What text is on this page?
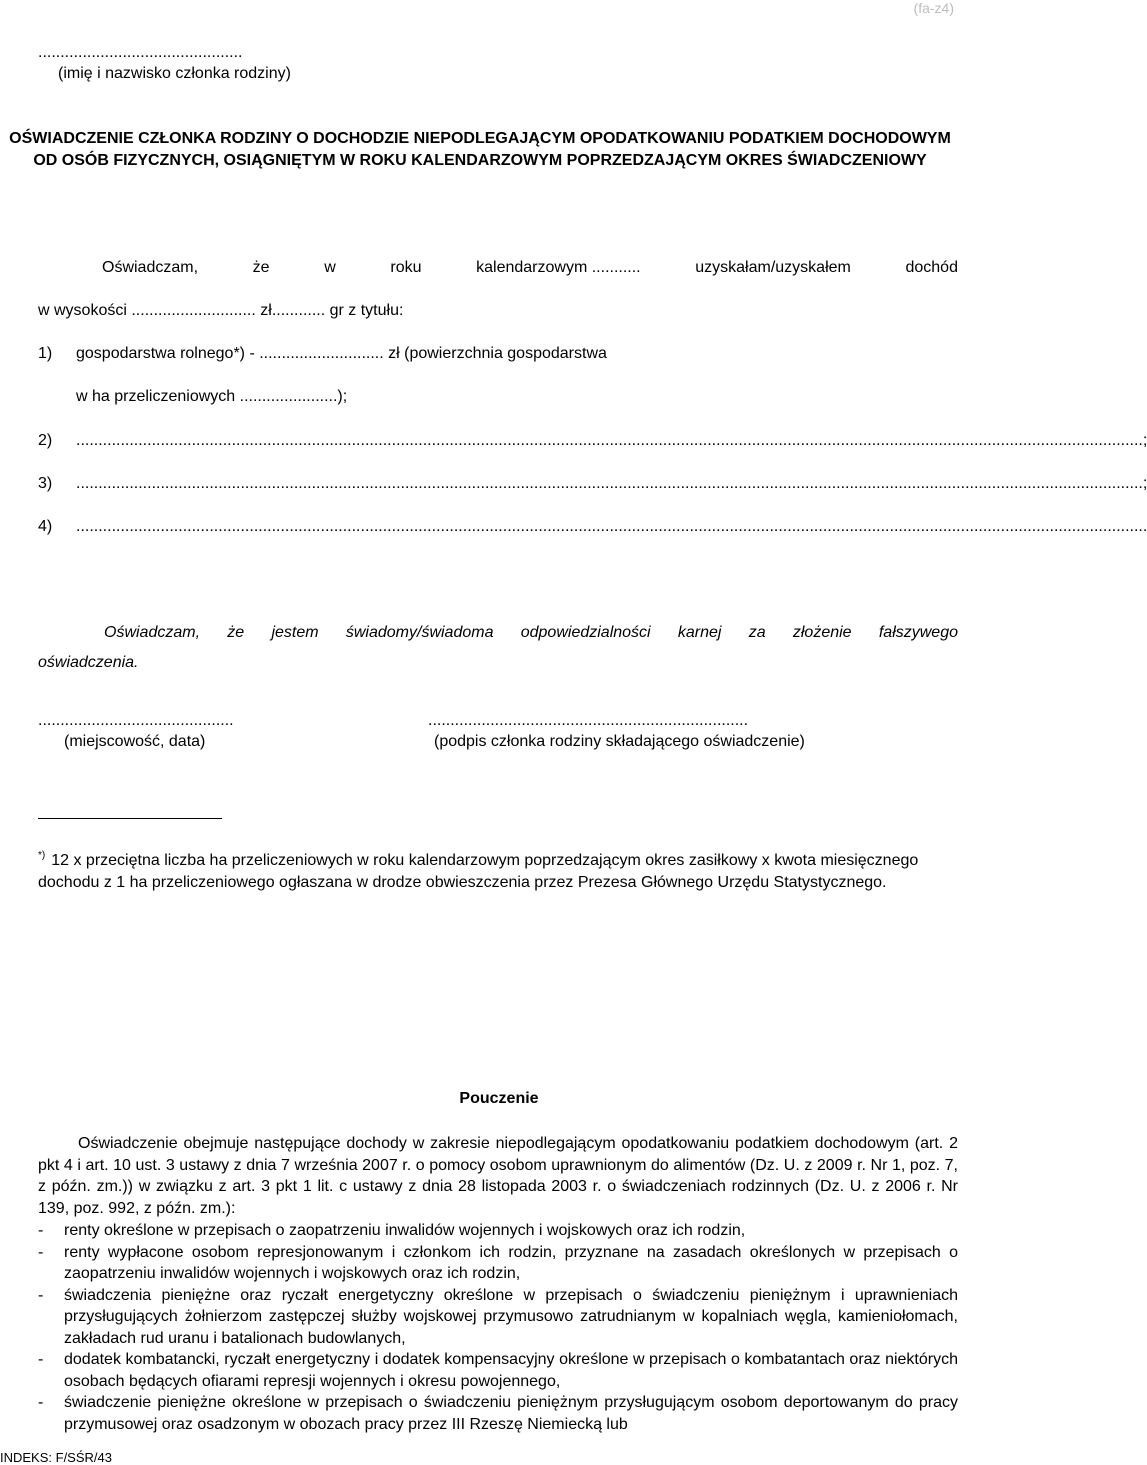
(fa-z4)
..............................................
(imię i nazwisko członka rodziny)
OŚWIADCZENIE CZŁONKA RODZINY O DOCHODZIE NIEPODLEGAJĄCYM OPODATKOWANIU PODATKIEM DOCHODOWYM OD OSÓB FIZYCZNYCH, OSIĄGNIĘTYM W ROKU KALENDARZOWYM POPRZEDZAJĄCYM OKRES ŚWIADCZENIOWY
Oświadczam,	że	w	roku	kalendarzowym ...........	uzyskałam/uzyskałem	dochód
w wysokości ............................ zł............ gr z tytułu:
1) gospodarstwa rolnego*) - ............................ zł (powierzchnia gospodarstwa
w ha przeliczeniowych ......................);
2)	................................................................................................................................................................................................................................................ ;
3)	................................................................................................................................................................................................................................................ ;
4)	................................................................................................................................................................................................................................................ .
Oświadczam, że jestem świadomy/świadoma odpowiedzialności karnej za złożenie fałszywego
oświadczenia.
............................................	........................................................................
(miejscowość, data)	(podpis członka rodziny składającego oświadczenie)
*) 12 x przeciętna liczba ha przeliczeniowych w roku kalendarzowym poprzedzającym okres zasiłkowy x kwota miesięcznego dochodu z 1 ha przeliczeniowego ogłaszana w drodze obwieszczenia przez Prezesa Głównego Urzędu Statystycznego.
Pouczenie
Oświadczenie obejmuje następujące dochody w zakresie niepodlegającym opodatkowaniu podatkiem dochodowym (art. 2 pkt 4 i art. 10 ust. 3 ustawy z dnia 7 września 2007 r. o pomocy osobom uprawnionym do alimentów (Dz. U. z 2009 r. Nr 1, poz. 7, z późn. zm.)) w związku z art. 3 pkt 1 lit. c ustawy z dnia 28 listopada 2003 r. o świadczeniach rodzinnych (Dz. U. z 2006 r. Nr 139, poz. 992, z późn. zm.):
- renty określone w przepisach o zaopatrzeniu inwalidów wojennych i wojskowych oraz ich rodzin,
- renty wypłacone osobom represjonowanym i członkom ich rodzin, przyznane na zasadach określonych w przepisach o zaopatrzeniu inwalidów wojennych i wojskowych oraz ich rodzin,
- świadczenia pieniężne oraz ryczałt energetyczny określone w przepisach o świadczeniu pieniężnym i uprawnieniach przysługujących żołnierzom zastępczej służby wojskowej przymusowo zatrudnianym w kopalniach węgla, kamieniołomach, zakładach rud uranu i batalionach budowlanych,
- dodatek kombatancki, ryczałt energetyczny i dodatek kompensacyjny określone w przepisach o kombatantach oraz niektórych osobach będących ofiarami represji wojennych i okresu powojennego,
- świadczenie pieniężne określone w przepisach o świadczeniu pieniężnym przysługującym osobom deportowanym do pracy przymusowej oraz osadzonym w obozach pracy przez III Rzeszę Niemiecką lub
INDEKS: F/SŚR/43
